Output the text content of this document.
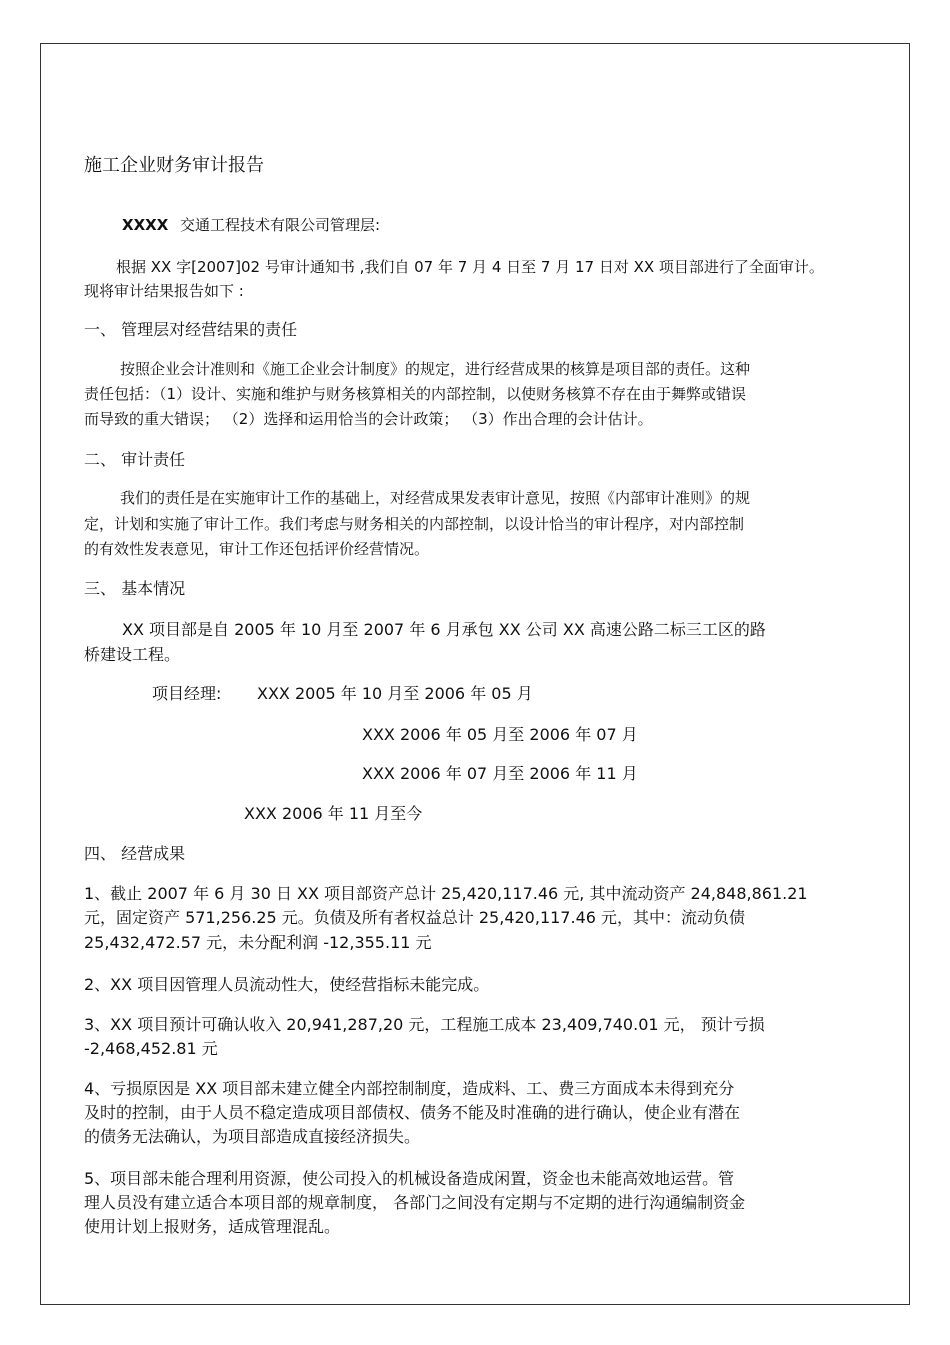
施工企业财务审计报告
XXXX 交通工程技术有限公司管理层:
根据 XX 字[2007]02 号审计通知书 ,我们自 07 年 7 月 4 日至 7 月 17 日对 XX 项目部进行了全面审计。
现将审计结果报告如下 :
一、 管理层对经营结果的责任
按照企业会计准则和《施工企业会计制度》的规定，进行经营成果的核算是项目部的责任。这种
责任包括：（1）设计、实施和维护与财务核算相关的内部控制，以使财务核算不存在由于舞弊或错误
而导致的重大错误； （2）选择和运用恰当的会计政策； （3）作出合理的会计估计。
二、 审计责任
我们的责任是在实施审计工作的基础上，对经营成果发表审计意见，按照《内部审计准则》的规
定，计划和实施了审计工作。我们考虑与财务相关的内部控制，以设计恰当的审计程序，对内部控制
的有效性发表意见，审计工作还包括评价经营情况。
三、 基本情况
XX 项目部是自 2005 年 10 月至 2007 年 6 月承包 XX 公司 XX 高速公路二标三工区的路
桥建设工程。
项目经理: XXX 2005 年 10 月至 2006 年 05 月
XXX 2006 年 05 月至 2006 年 07 月
XXX 2006 年 07 月至 2006 年 11 月
XXX 2006 年 11 月至今
四、 经营成果
1、截止 2007 年 6 月 30 日 XX 项目部资产总计 25,420,117.46 元, 其中流动资产 24,848,861.21
元，固定资产 571,256.25 元。负债及所有者权益总计 25,420,117.46 元，其中：流动负债
25,432,472.57 元，未分配利润 -12,355.11 元
2、XX 项目因管理人员流动性大，使经营指标未能完成。
3、XX 项目预计可确认收入 20,941,287,20 元，工程施工成本 23,409,740.01 元， 预计亏损
-2,468,452.81 元
4、亏损原因是 XX 项目部未建立健全内部控制制度，造成料、工、费三方面成本未得到充分
及时的控制，由于人员不稳定造成项目部债权、债务不能及时准确的进行确认，使企业有潜在
的债务无法确认，为项目部造成直接经济损失。
5、项目部未能合理利用资源，使公司投入的机械设备造成闲置，资金也未能高效地运营。管
理人员没有建立适合本项目部的规章制度， 各部门之间没有定期与不定期的进行沟通编制资金
使用计划上报财务，适成管理混乱。
